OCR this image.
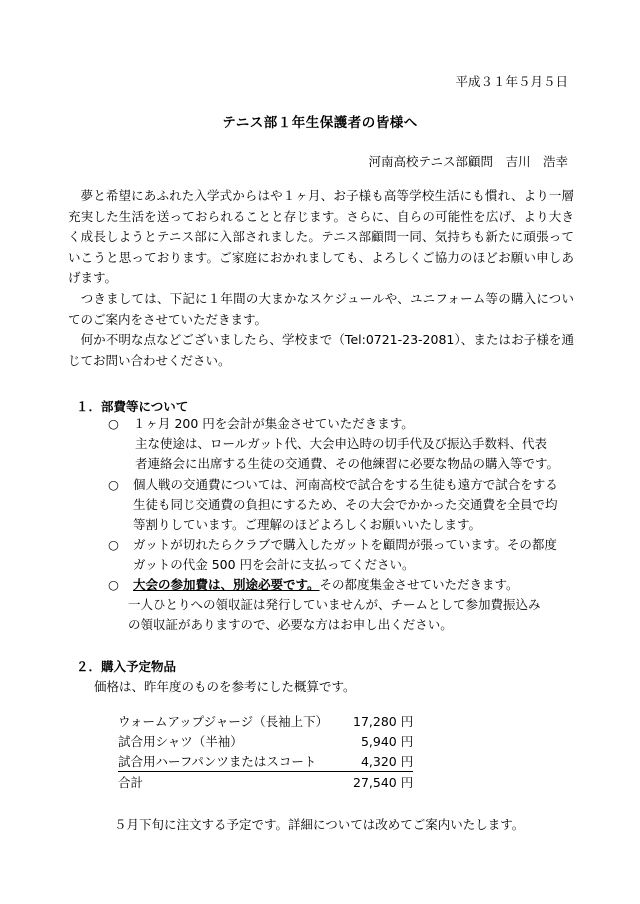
平成３１年５月５日
テニス部１年生保護者の皆様へ
河南高校テニス部顧問　吉川　浩幸

　夢と希望にあふれた入学式からはや１ヶ月、お子様も高等学校生活にも慣れ、より一層充実した生活を送っておられることと存じます。さらに、自らの可能性を広げ、より大きく成長しようとテニス部に入部されました。テニス部顧問一同、気持ちも新たに頑張っていこうと思っております。ご家庭におかれましても、よろしくご協力のほどお願い申しあげます。

　つきましては、下記に１年間の大まかなスケジュールや、ユニフォーム等の購入についてのご案内をさせていただきます。

　何か不明な点などございましたら、学校まで（Tel:0721-23-2081）、またはお子様を通じてお問い合わせください。

１．部費等について
○ １ヶ月 200 円を会計が集金させていただきます。
主な使途は、ロールガット代、大会申込時の切手代及び振込手数料、代表
者連絡会に出席する生徒の交通費、その他練習に必要な物品の購入等です。
○ 個人戦の交通費については、河南高校で試合をする生徒も遠方で試合をする
生徒も同じ交通費の負担にするため、その大会でかかった交通費を全員で均
等割りしています。ご理解のほどよろしくお願いいたします。
○ ガットが切れたらクラブで購入したガットを顧問が張っています。その都度
ガットの代金 500 円を会計に支払ってください。
○ 大会の参加費は、別途必要です。その都度集金させていただきます。
一人ひとりへの領収証は発行していませんが、チームとして参加費振込み
の領収証がありますので、必要な方はお申し出ください。
２．購入予定物品
価格は、昨年度のものを参考にした概算です。
ウォームアップジャージ（長袖上下）	17,280 円
試合用シャツ（半袖）	5,940 円
試合用ハーフパンツまたはスコート	4,320 円
合計	27,540 円
５月下旬に注文する予定です。詳細については改めてご案内いたします。
